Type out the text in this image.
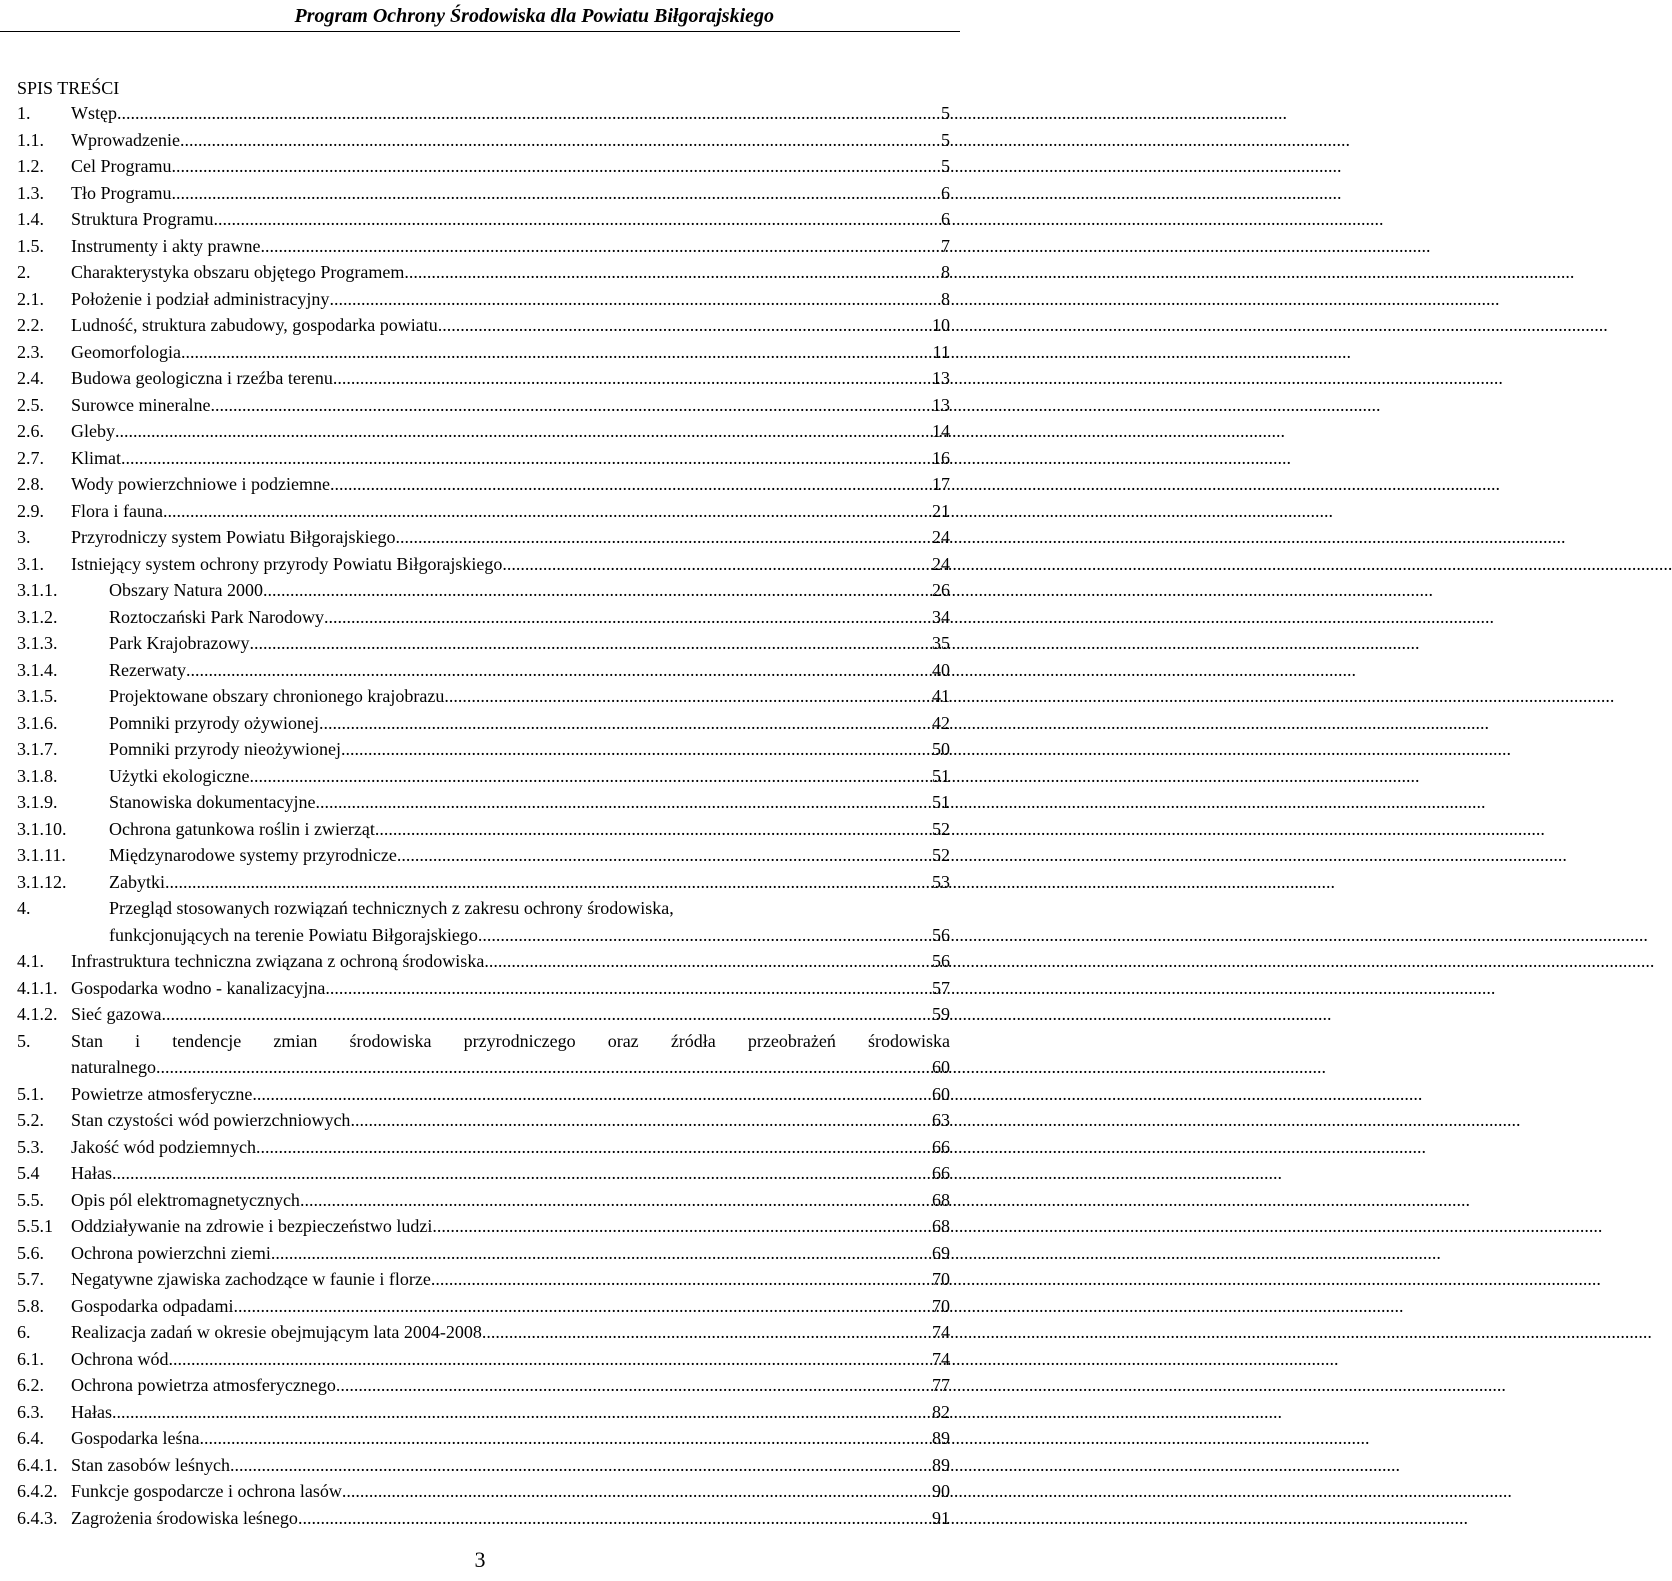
Program Ochrony Środowiska dla Powiatu Biłgorajskiego
SPIS TREŚCI
1.	Wstęp .....	5
1.1.	Wprowadzenie .....	5
1.2.	Cel Programu .....	5
1.3.	Tło Programu .....	6
1.4.	Struktura Programu .....	6
1.5.	Instrumenty i akty prawne .....	7
2.	Charakterystyka obszaru objętego Programem .....	8
2.1.	Położenie i podział administracyjny .....	8
2.2.	Ludność, struktura zabudowy, gospodarka powiatu .....	10
2.3.	Geomorfologia .....	11
2.4.	Budowa geologiczna i rzeźba terenu .....	13
2.5.	Surowce mineralne .....	13
2.6.	Gleby .....	14
2.7.	Klimat .....	16
2.8.	Wody powierzchniowe i podziemne .....	17
2.9.	Flora i fauna .....	21
3.	Przyrodniczy system Powiatu Biłgorajskiego .....	24
3.1.	Istniejący system ochrony przyrody Powiatu Biłgorajskiego .....	24
3.1.1.	Obszary Natura 2000 .....	26
3.1.2.	Roztoczański Park Narodowy .....	34
3.1.3.	Park Krajobrazowy .....	35
3.1.4.	Rezerwaty .....	40
3.1.5.	Projektowane obszary chronionego krajobrazu .....	41
3.1.6.	Pomniki przyrody ożywionej .....	42
3.1.7.	Pomniki przyrody nieożywionej .....	50
3.1.8.	Użytki ekologiczne .....	51
3.1.9.	Stanowiska dokumentacyjne .....	51
3.1.10.	Ochrona gatunkowa roślin i zwierząt .....	52
3.1.11.	Międzynarodowe systemy przyrodnicze .....	52
3.1.12.	Zabytki .....	53
4.	Przegląd stosowanych rozwiązań technicznych z zakresu ochrony środowiska,
funkcjonujących na terenie Powiatu Biłgorajskiego .....	56
4.1.	Infrastruktura techniczna związana z ochroną środowiska .....	56
4.1.1. Gospodarka wodno - kanalizacyjna .....	57
4.1.2. Sieć gazowa .....	59
5.	Stan i tendencje zmian środowiska przyrodniczego oraz źródła przeobrażeń środowiska
naturalnego .....	60
5.1.	Powietrze atmosferyczne .....	60
5.2.	Stan czystości wód powierzchniowych .....	63
5.3.	Jakość wód podziemnych .....	66
5.4	Hałas .....	66
5.5.	Opis pól elektromagnetycznych .....	68
5.5.1	Oddziaływanie na zdrowie i bezpieczeństwo ludzi .....	68
5.6.	Ochrona powierzchni ziemi .....	69
5.7.	Negatywne zjawiska zachodzące w faunie i florze .....	70
5.8.	Gospodarka odpadami .....	70
6.	Realizacja zadań w okresie obejmującym lata 2004-2008 .....	74
6.1.	Ochrona wód .....	74
6.2.	Ochrona powietrza atmosferycznego .....	77
6.3.	Hałas .....	82
6.4.	Gospodarka leśna .....	89
6.4.1. Stan zasobów leśnych .....	89
6.4.2. Funkcje gospodarcze i ochrona lasów .....	90
6.4.3. Zagrożenia środowiska leśnego .....	91
3
